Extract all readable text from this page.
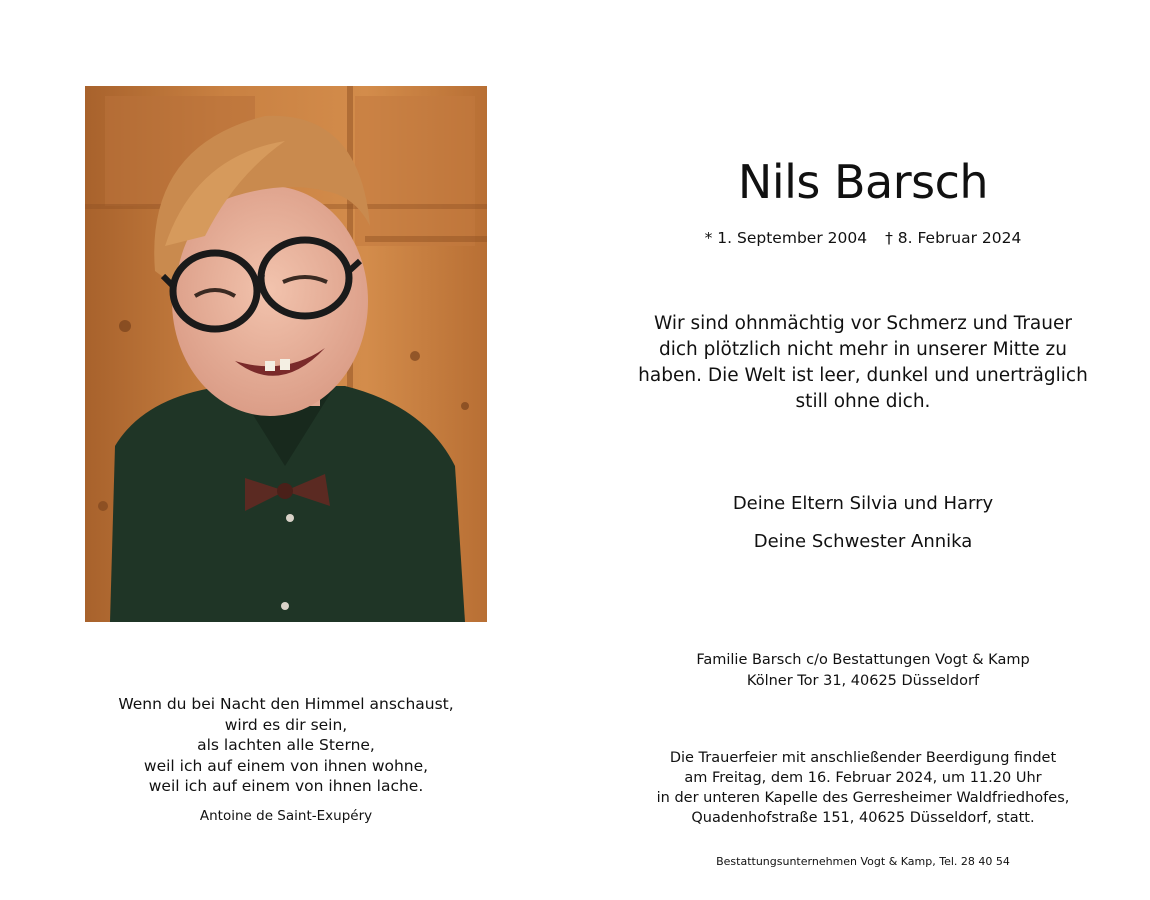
Wenn du bei Nacht den Himmel anschaust,
wird es dir sein,
als lachten alle Sterne,
weil ich auf einem von ihnen wohne,
weil ich auf einem von ihnen lache.
Antoine de Saint-Exupéry
Nils Barsch
* 1. September 2004 † 8. Februar 2024
Wir sind ohnmächtig vor Schmerz und Trauer
dich plötzlich nicht mehr in unserer Mitte zu
haben. Die Welt ist leer, dunkel und unerträglich
still ohne dich.
Deine Eltern Silvia und Harry
Deine Schwester Annika
Familie Barsch c/o Bestattungen Vogt & Kamp
Kölner Tor 31, 40625 Düsseldorf
Die Trauerfeier mit anschließender Beerdigung findet
am Freitag, dem 16. Februar 2024, um 11.20 Uhr
in der unteren Kapelle des Gerresheimer Waldfriedhofes,
Quadenhofstraße 151, 40625 Düsseldorf, statt.
Bestattungsunternehmen Vogt & Kamp, Tel. 28 40 54
